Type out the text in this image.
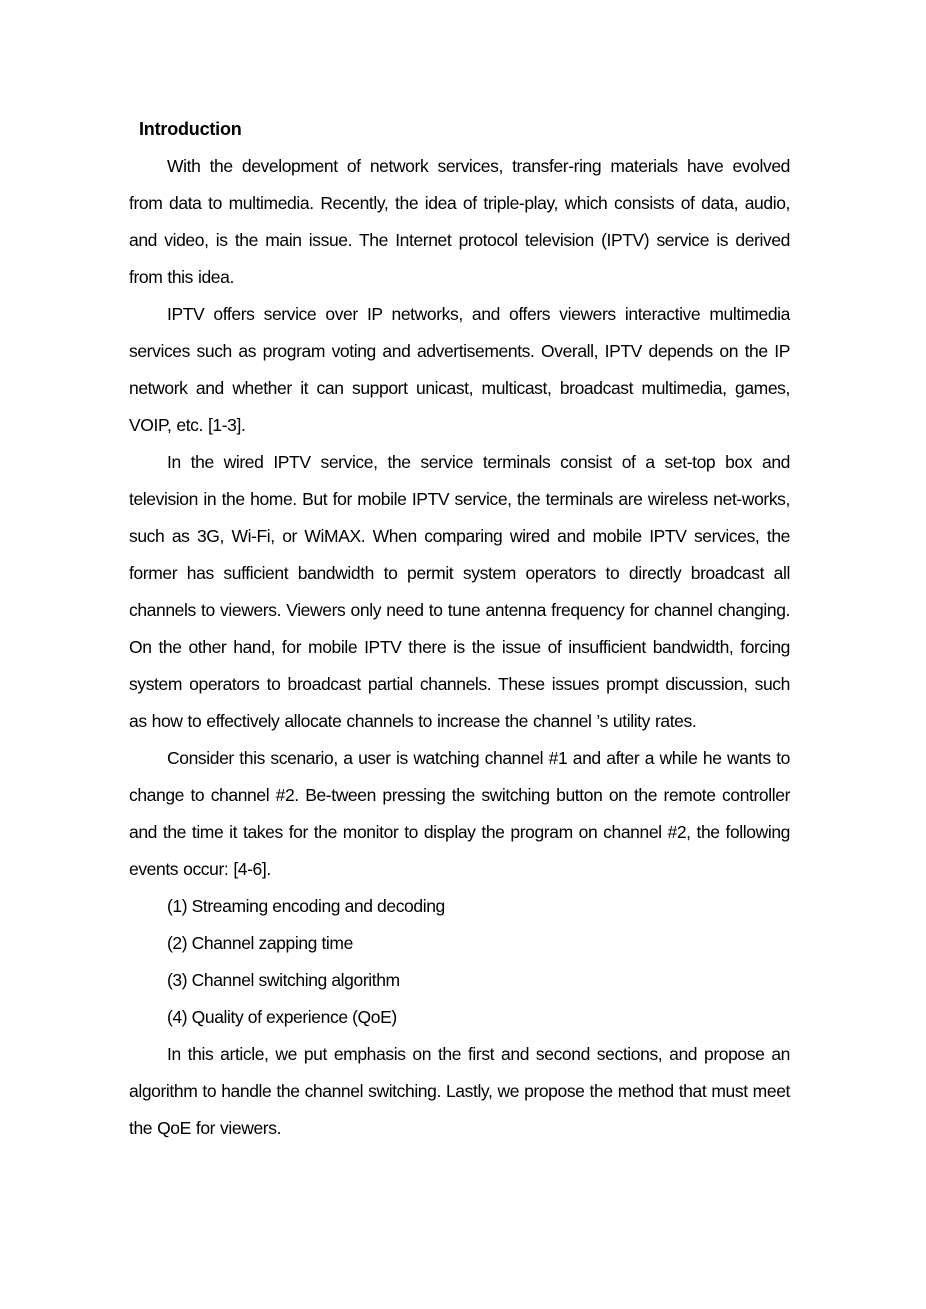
Introduction

With the development of network services, transfer-ring materials have evolved from data to multimedia. Recently, the idea of triple-play, which consists of data, audio, and video, is the main issue. The Internet protocol television (IPTV) service is derived from this idea.

IPTV offers service over IP networks, and offers viewers interactive multimedia services such as program voting and advertisements. Overall, IPTV depends on the IP network and whether it can support unicast, multicast, broadcast multimedia, games, VOIP, etc. [1-3].

In the wired IPTV service, the service terminals consist of a set-top box and television in the home. But for mobile IPTV service, the terminals are wireless net-works, such as 3G, Wi-Fi, or WiMAX. When comparing wired and mobile IPTV services, the former has sufficient bandwidth to permit system operators to directly broadcast all channels to viewers. Viewers only need to tune antenna frequency for channel changing. On the other hand, for mobile IPTV there is the issue of insufficient bandwidth, forcing system operators to broadcast partial channels. These issues prompt discussion, such as how to effectively allocate channels to increase the channel ’s utility rates.

Consider this scenario, a user is watching channel #1 and after a while he wants to change to channel #2. Be-tween pressing the switching button on the remote controller and the time it takes for the monitor to display the program on channel #2, the following events occur: [4-6].

(1) Streaming encoding and decoding

(2) Channel zapping time

(3) Channel switching algorithm

(4) Quality of experience (QoE)

In this article, we put emphasis on the first and second sections, and propose an algorithm to handle the channel switching. Lastly, we propose the method that must meet the QoE for viewers.
